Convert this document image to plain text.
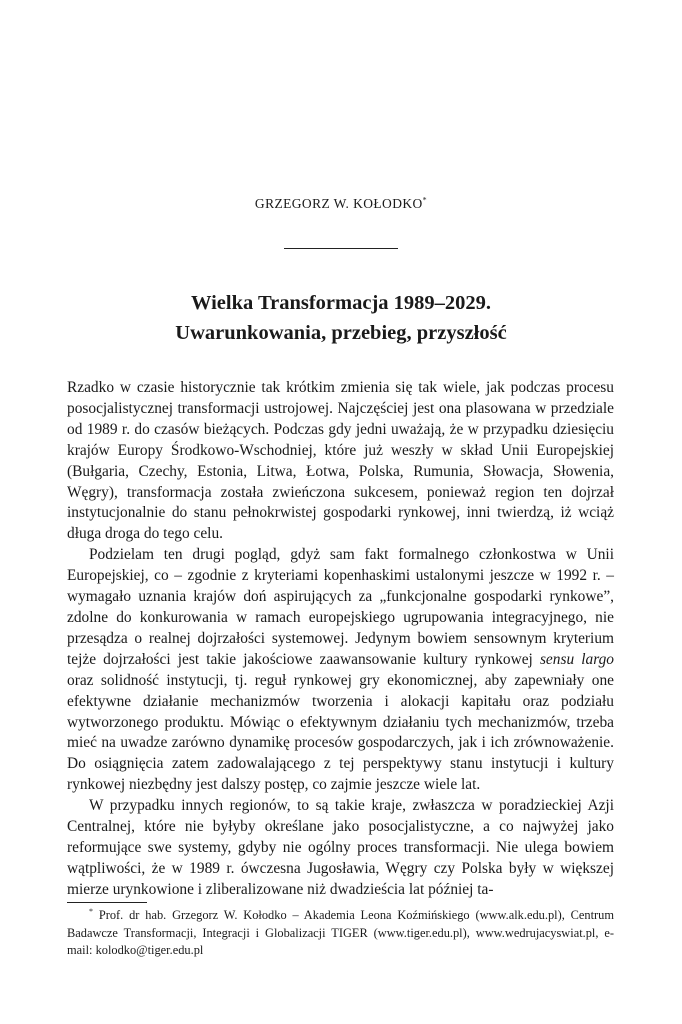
GRZEGORZ W. KOŁODKO*
Wielka Transformacja 1989–2029.
Uwarunkowania, przebieg, przyszłość

Rzadko w czasie historycznie tak krótkim zmienia się tak wiele, jak podczas procesu posocjalistycznej transformacji ustrojowej. Najczęściej jest ona plasowana w przedziale od 1989 r. do czasów bieżących. Podczas gdy jedni uważają, że w przypadku dziesięciu krajów Europy Środkowo-Wschodniej, które już weszły w skład Unii Europejskiej (Bułgaria, Czechy, Estonia, Litwa, Łotwa, Polska, Rumunia, Słowacja, Słowenia, Węgry), transformacja została zwieńczona sukcesem, ponieważ region ten dojrzał instytucjonalnie do stanu pełnokrwistej gospodarki rynkowej, inni twierdzą, iż wciąż długa droga do tego celu.

Podzielam ten drugi pogląd, gdyż sam fakt formalnego członkostwa w Unii Europejskiej, co – zgodnie z kryteriami kopenhaskimi ustalonymi jeszcze w 1992 r. – wymagało uznania krajów doń aspirujących za „funkcjonalne gospodarki rynkowe”, zdolne do konkurowania w ramach europejskiego ugrupowania integracyjnego, nie przesądza o realnej dojrzałości systemowej. Jedynym bowiem sensownym kryterium tejże dojrzałości jest takie jakościowe zaawansowanie kultury rynkowej sensu largo oraz solidność instytucji, tj. reguł rynkowej gry ekonomicznej, aby zapewniały one efektywne działanie mechanizmów tworzenia i alokacji kapitału oraz podziału wytworzonego produktu. Mówiąc o efektywnym działaniu tych mechanizmów, trzeba mieć na uwadze zarówno dynamikę procesów gospodarczych, jak i ich zrównoważenie. Do osiągnięcia zatem zadowalającego z tej perspektywy stanu instytucji i kultury rynkowej niezbędny jest dalszy postęp, co zajmie jeszcze wiele lat.

W przypadku innych regionów, to są takie kraje, zwłaszcza w poradzieckiej Azji Centralnej, które nie byłyby określane jako posocjalistyczne, a co najwyżej jako reformujące swe systemy, gdyby nie ogólny proces transformacji. Nie ulega bowiem wątpliwości, że w 1989 r. ówczesna Jugosławia, Węgry czy Polska były w większej mierze urynkowione i zliberalizowane niż dwadzieścia lat później ta-

* Prof. dr hab. Grzegorz W. Kołodko – Akademia Leona Koźmińskiego (www.alk.edu.pl), Centrum Badawcze Transformacji, Integracji i Globalizacji TIGER (www.tiger.edu.pl), www.wedrujacyswiat.pl, e-mail: kolodko@tiger.edu.pl
